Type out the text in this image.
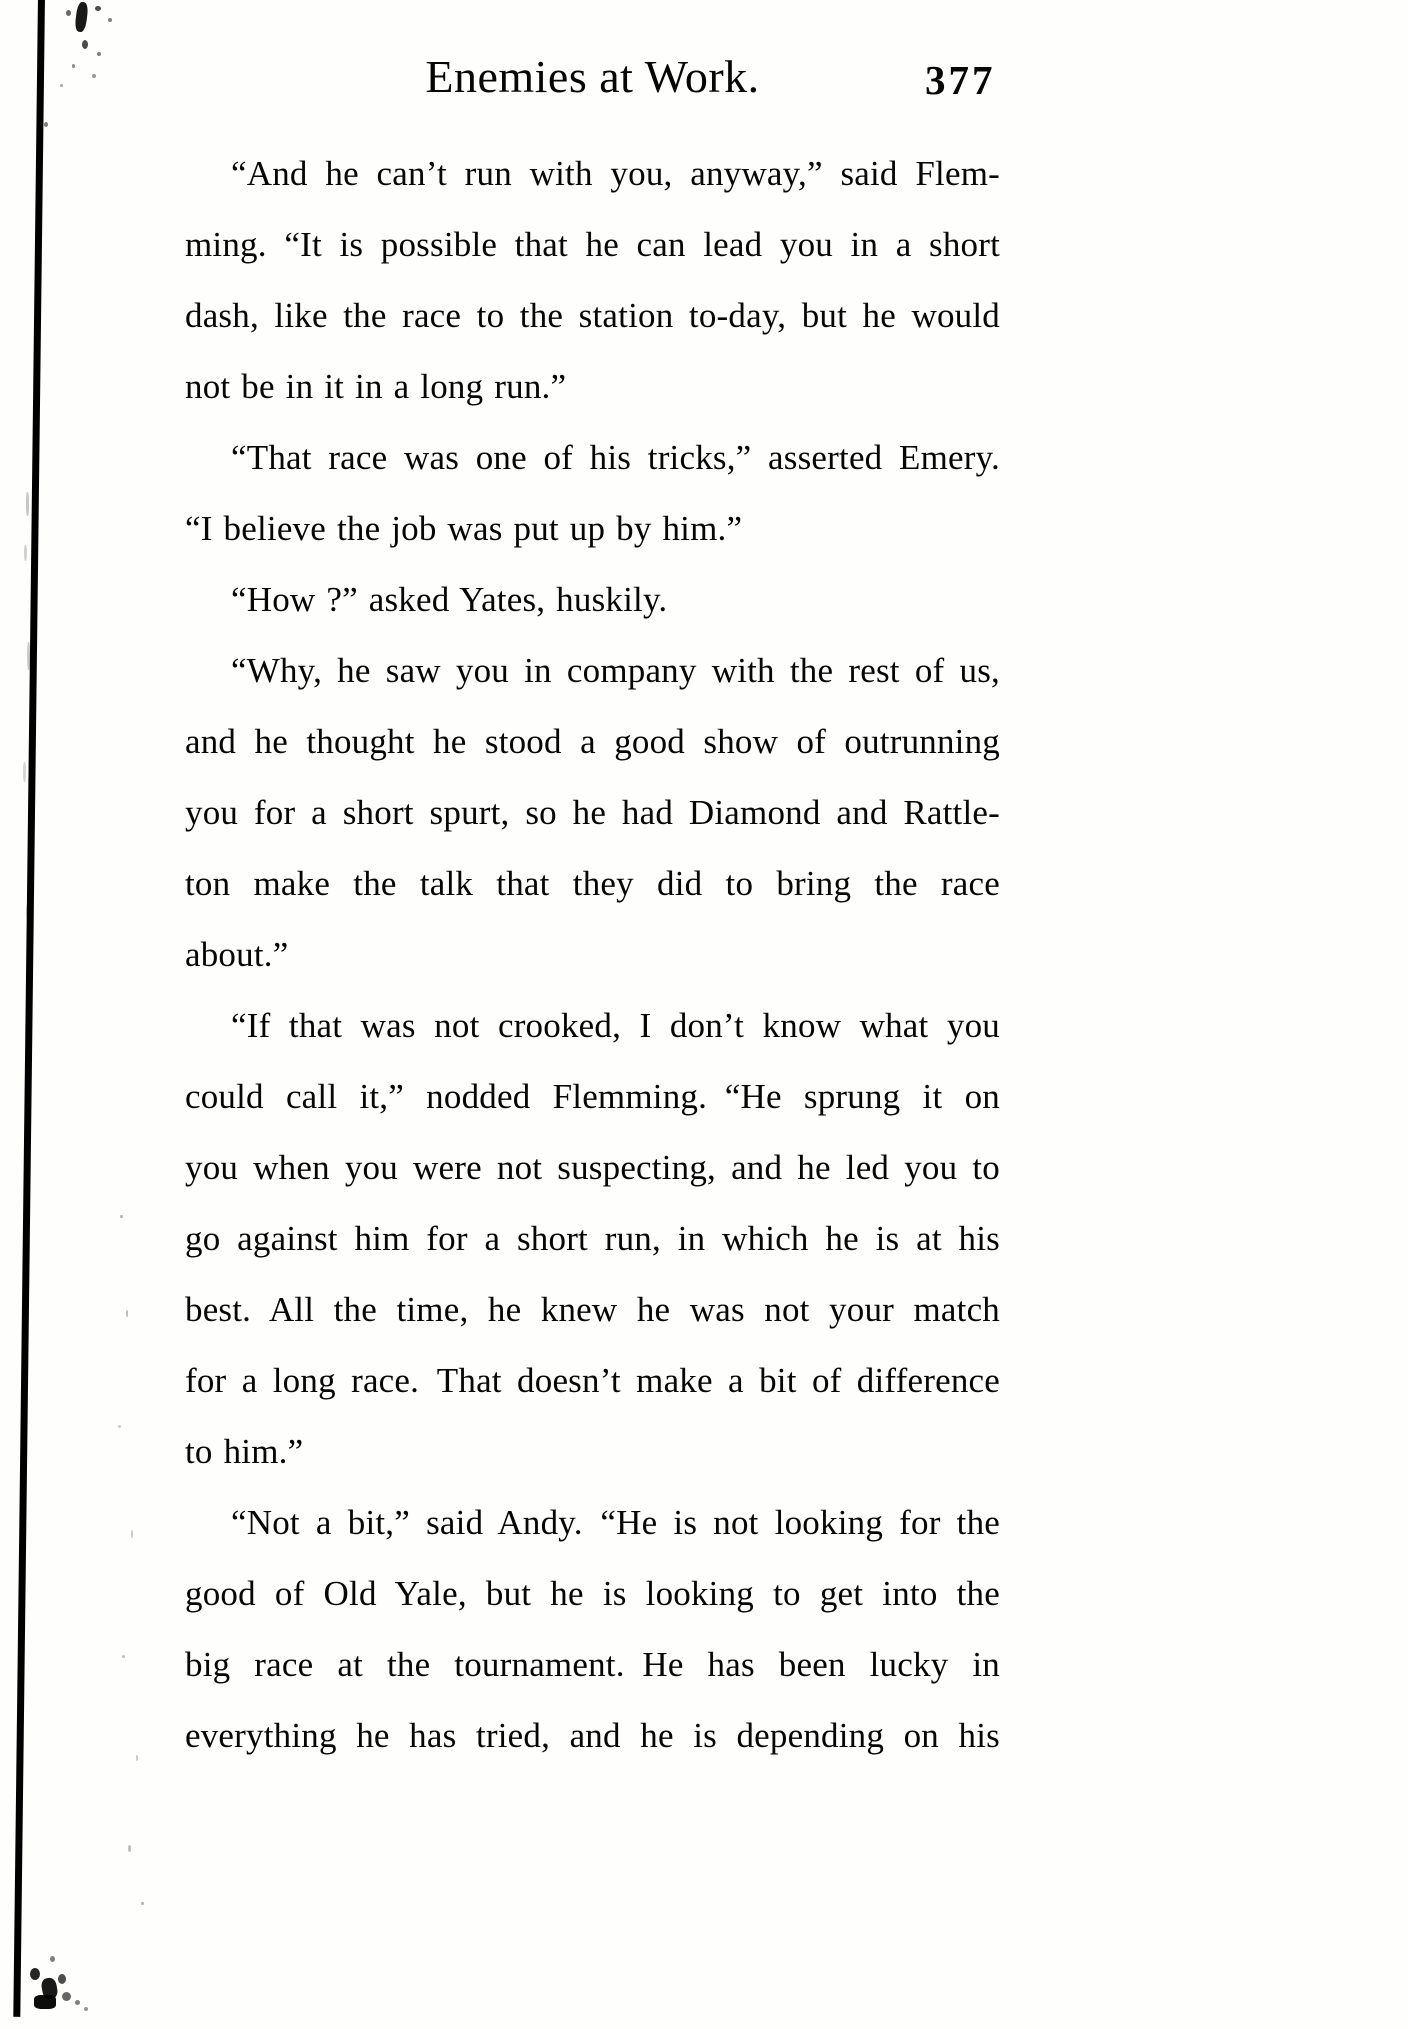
Enemies at Work.	377
“And he can’t run with you, anyway,” said Flem-
ming. “It is possible that he can lead you in a short
dash, like the race to the station to-day, but he would
not be in it in a long run.”
“That race was one of his tricks,” asserted Emery.
“I believe the job was put up by him.”
“How ?” asked Yates, huskily.
“Why, he saw you in company with the rest of us,
and he thought he stood a good show of outrunning
you for a short spurt, so he had Diamond and Rattle-
ton make the talk that they did to bring the race
about.”
“If that was not crooked, I don’t know what you
could call it,” nodded Flemming. “He sprung it on
you when you were not suspecting, and he led you to
go against him for a short run, in which he is at his
best. All the time, he knew he was not your match
for a long race. That doesn’t make a bit of difference
to him.”
“Not a bit,” said Andy. “He is not looking for the
good of Old Yale, but he is looking to get into the
big race at the tournament. He has been lucky in
everything he has tried, and he is depending on his
